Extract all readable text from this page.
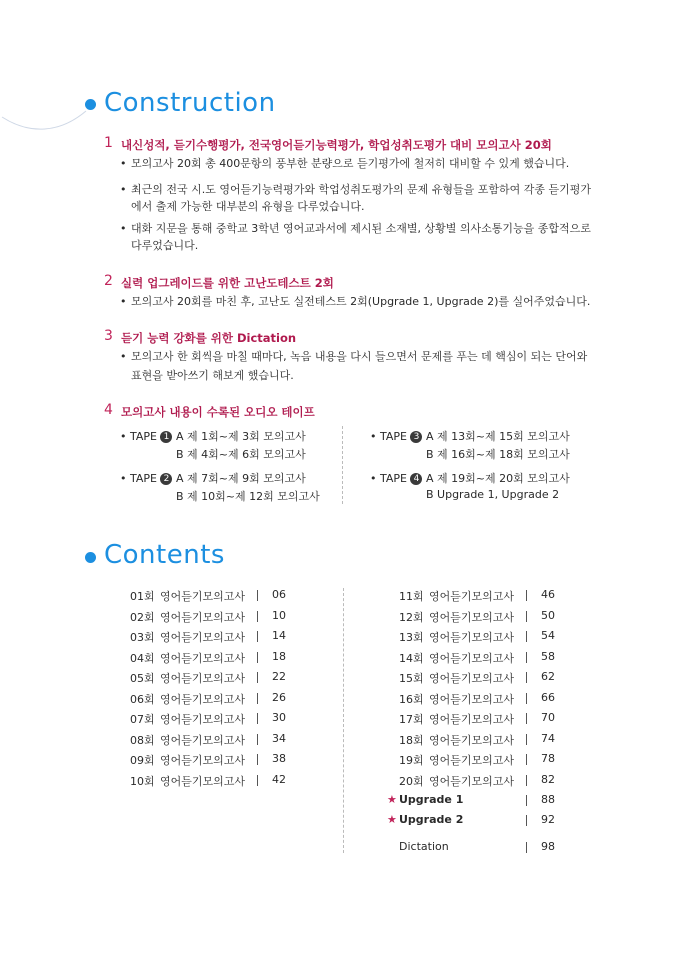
Construction
1 내신성적, 듣기수행평가, 전국영어듣기능력평가, 학업성취도평가 대비 모의고사 20회
• 모의고사 20회 총 400문항의 풍부한 분량으로 듣기평가에 철저히 대비할 수 있게 했습니다.
• 최근의 전국 시.도 영어듣기능력평가와 학업성취도평가의 문제 유형들을 포함하여 각종 듣기평가
에서 출제 가능한 대부분의 유형을 다루었습니다.
• 대화 지문을 통해 중학교 3학년 영어교과서에 제시된 소재별, 상황별 의사소통기능을 종합적으로
다루었습니다.
2 실력 업그레이드를 위한 고난도테스트 2회
• 모의고사 20회를 마친 후, 고난도 실전테스트 2회(Upgrade 1, Upgrade 2)를 실어주었습니다.
3 듣기 능력 강화를 위한 Dictation
• 모의고사 한 회씩을 마칠 때마다, 녹음 내용을 다시 들으면서 문제를 푸는 데 핵심이 되는 단어와
표현을 받아쓰기 해보게 했습니다.
4 모의고사 내용이 수록된 오디오 테이프
• TAPE 1 A 제 1회~제 3회 모의고사
B 제 4회~제 6회 모의고사
• TAPE 2 A 제 7회~제 9회 모의고사
B 제 10회~제 12회 모의고사
• TAPE 3 A 제 13회~제 15회 모의고사
B 제 16회~제 18회 모의고사
• TAPE 4 A 제 19회~제 20회 모의고사
B Upgrade 1, Upgrade 2
Contents
01회 영어듣기모의고사 06
02회 영어듣기모의고사 10
03회 영어듣기모의고사 14
04회 영어듣기모의고사 18
05회 영어듣기모의고사 22
06회 영어듣기모의고사 26
07회 영어듣기모의고사 30
08회 영어듣기모의고사 34
09회 영어듣기모의고사 38
10회 영어듣기모의고사 42
11회 영어듣기모의고사 46
12회 영어듣기모의고사 50
13회 영어듣기모의고사 54
14회 영어듣기모의고사 58
15회 영어듣기모의고사 62
16회 영어듣기모의고사 66
17회 영어듣기모의고사 70
18회 영어듣기모의고사 74
19회 영어듣기모의고사 78
20회 영어듣기모의고사 82
★ Upgrade 1	88
★ Upgrade 2	92
Dictation	98
